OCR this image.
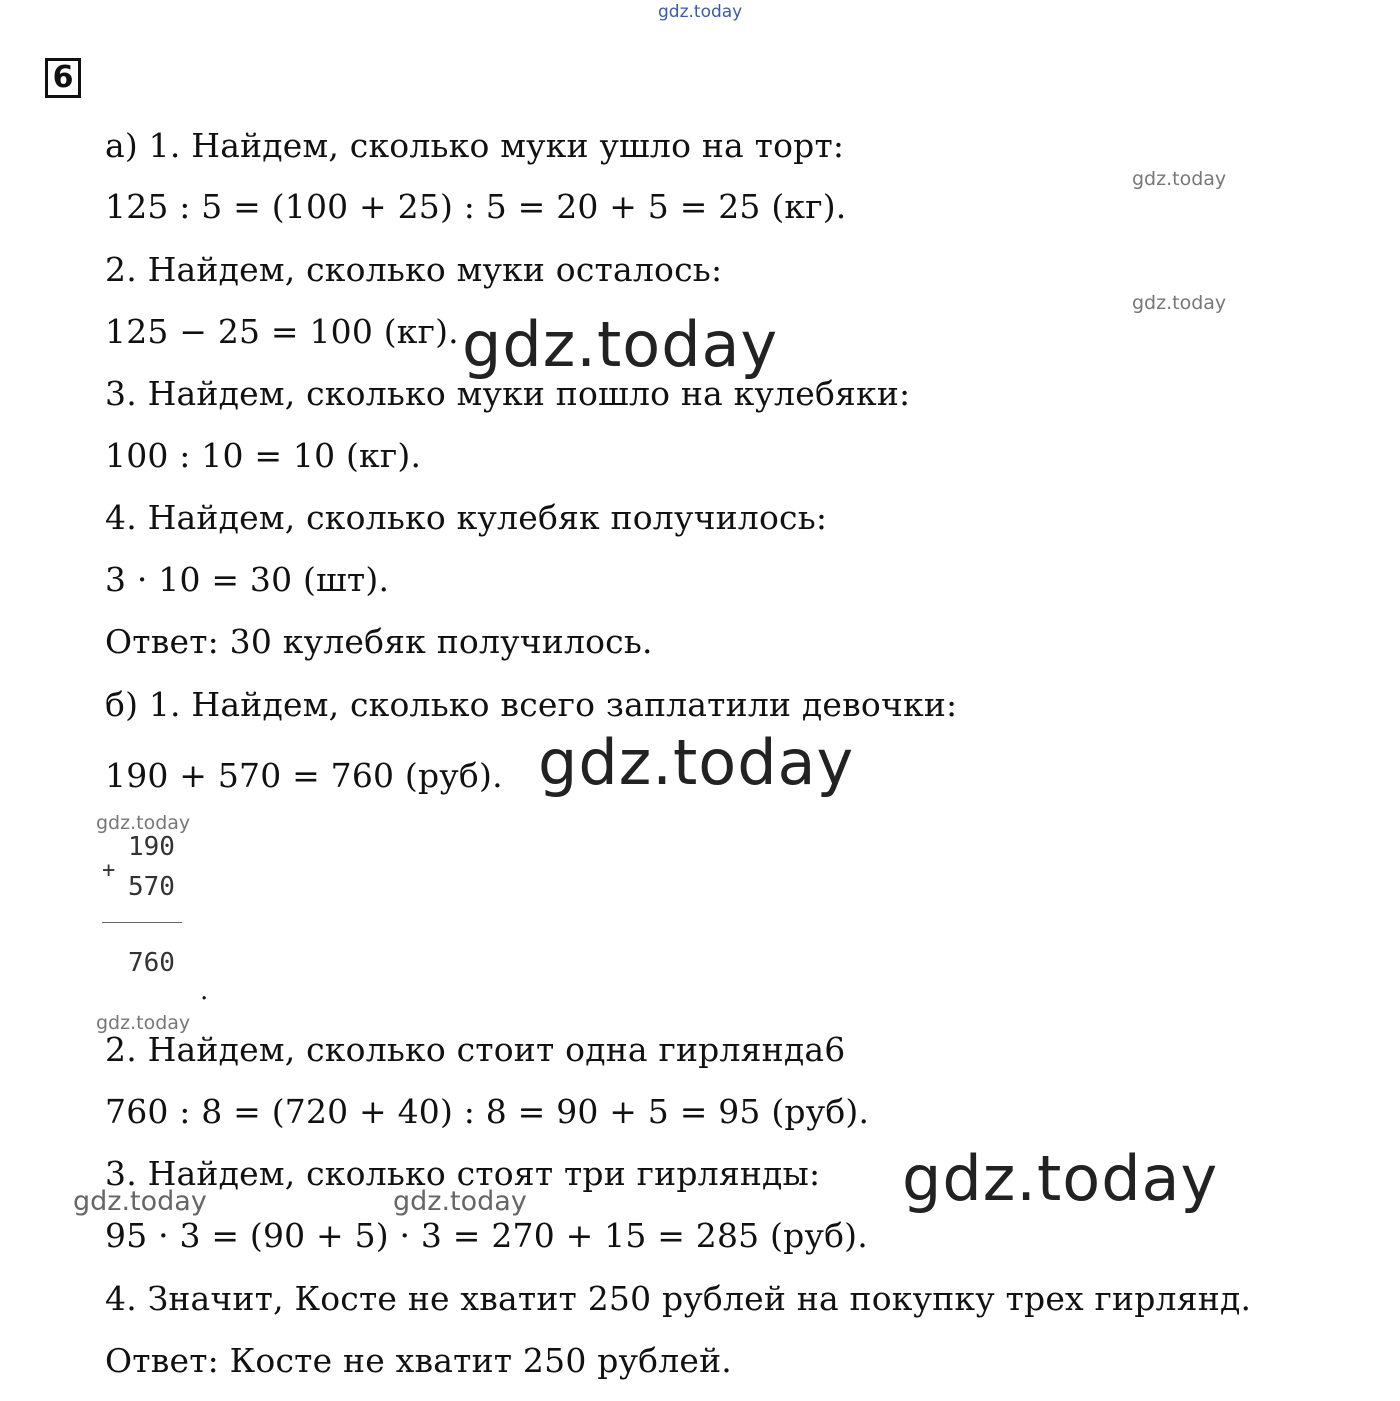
6
а) 1. Найдем, сколько муки ушло на торт:
125 : 5 = (100 + 25) : 5 = 20 + 5 = 25 (кг).
2. Найдем, сколько муки осталось:
125 − 25 = 100 (кг).
3. Найдем, сколько муки пошло на кулебяки:
100 : 10 = 10 (кг).
4. Найдем, сколько кулебяк получилось:
3 · 10 = 30 (шт).
Ответ: 30 кулебяк получилось.
б) 1. Найдем, сколько всего заплатили девочки:
190 + 570 = 760 (руб).
190
+
570
760
.
2. Найдем, сколько стоит одна гирлянда6
760 : 8 = (720 + 40) : 8 = 90 + 5 = 95 (руб).
3. Найдем, сколько стоят три гирлянды:
95 · 3 = (90 + 5) · 3 = 270 + 15 = 285 (руб).
4. Значит, Косте не хватит 250 рублей на покупку трех гирлянд.
Ответ: Косте не хватит 250 рублей.
gdz.today
gdz.today
gdz.today
gdz.today
gdz.today
gdz.today
gdz.today
gdz.today
gdz.today	gdz.today
